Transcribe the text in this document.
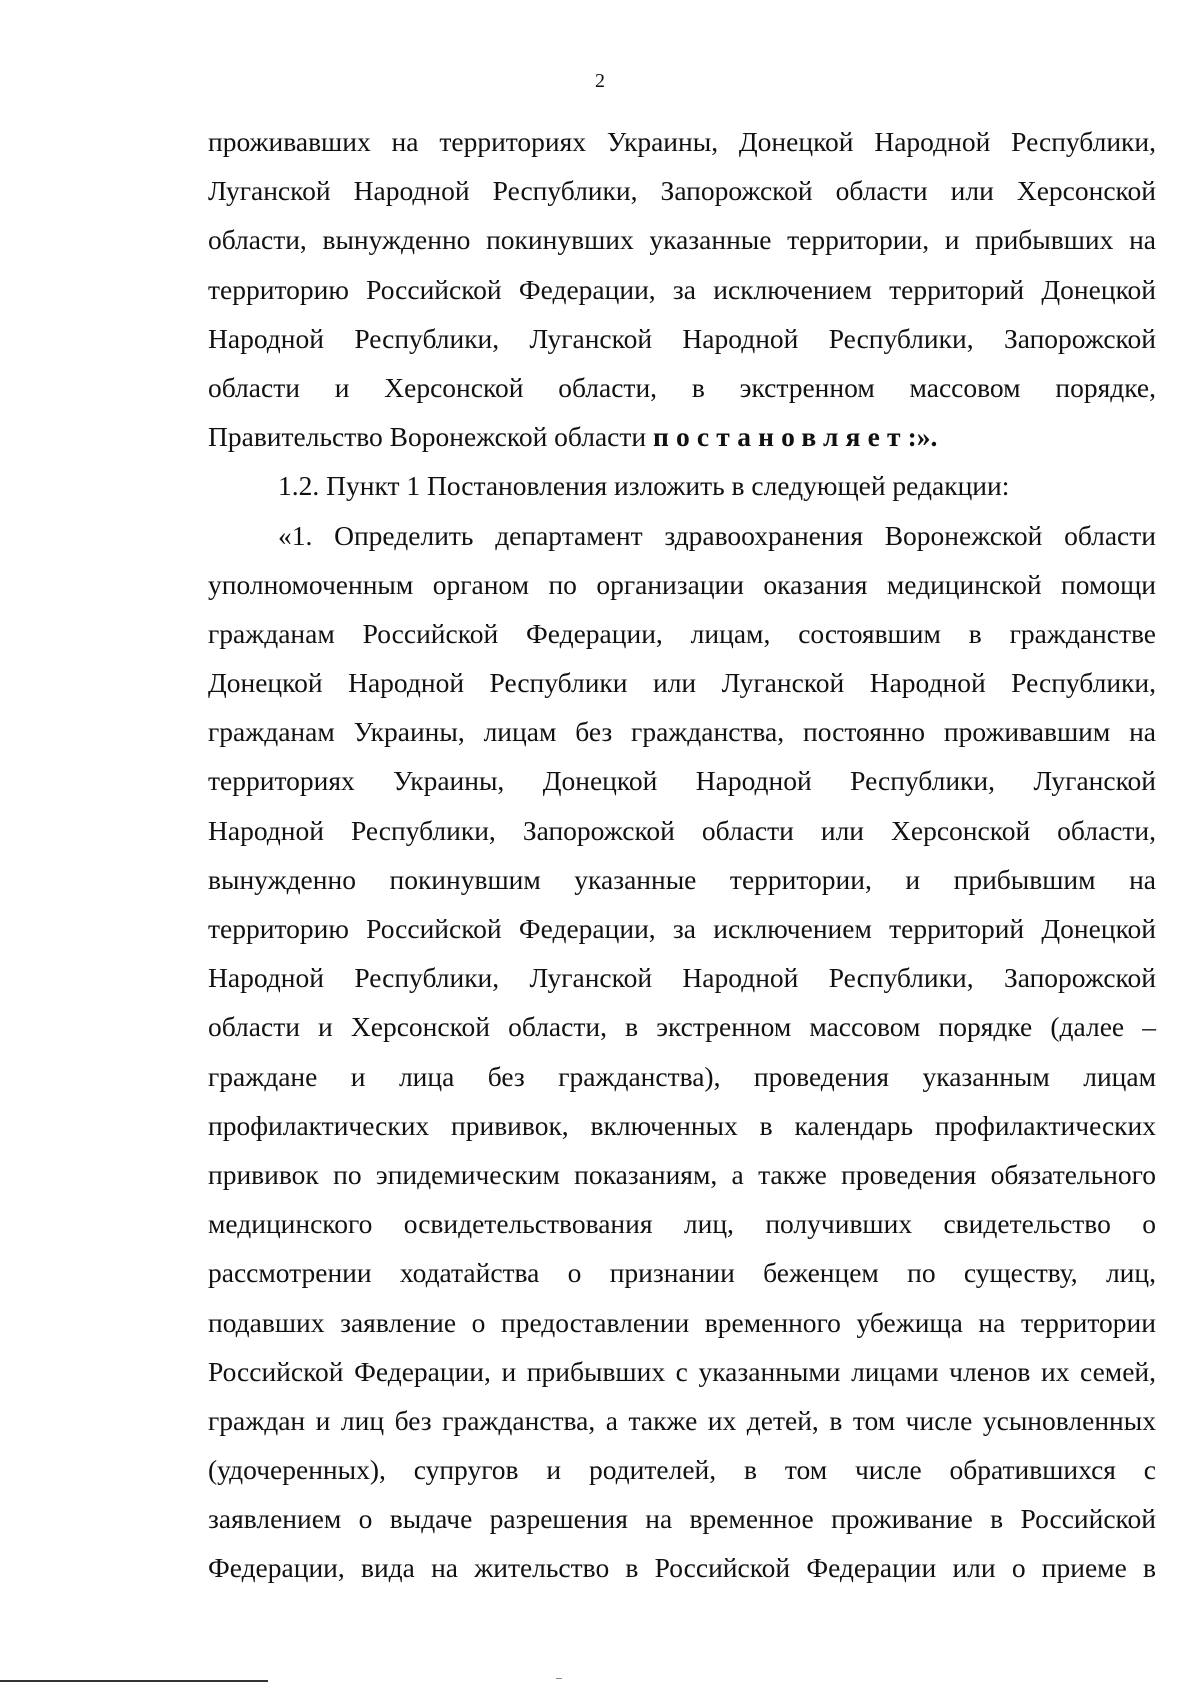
2
проживавших на территориях Украины, Донецкой Народной Республики,
Луганской Народной Республики, Запорожской области или Херсонской
области, вынужденно покинувших указанные территории, и прибывших на
территорию Российской Федерации, за исключением территорий Донецкой
Народной Республики, Луганской Народной Республики, Запорожской
области и Херсонской области, в экстренном массовом порядке,
Правительство Воронежской области постановляет:».
1.2. Пункт 1 Постановления изложить в следующей редакции:
«1. Определить департамент здравоохранения Воронежской области
уполномоченным органом по организации оказания медицинской помощи
гражданам Российской Федерации, лицам, состоявшим в гражданстве
Донецкой Народной Республики или Луганской Народной Республики,
гражданам Украины, лицам без гражданства, постоянно проживавшим на
территориях Украины, Донецкой Народной Республики, Луганской
Народной Республики, Запорожской области или Херсонской области,
вынужденно покинувшим указанные территории, и прибывшим на
территорию Российской Федерации, за исключением территорий Донецкой
Народной Республики, Луганской Народной Республики, Запорожской
области и Херсонской области, в экстренном массовом порядке (далее –
граждане и лица без гражданства), проведения указанным лицам
профилактических прививок, включенных в календарь профилактических
прививок по эпидемическим показаниям, а также проведения обязательного
медицинского освидетельствования лиц, получивших свидетельство о
рассмотрении ходатайства о признании беженцем по существу, лиц,
подавших заявление о предоставлении временного убежища на территории
Российской Федерации, и прибывших с указанными лицами членов их семей,
граждан и лиц без гражданства, а также их детей, в том числе усыновленных
(удочеренных), супругов и родителей, в том числе обратившихся с
заявлением о выдаче разрешения на временное проживание в Российской
Федерации, вида на жительство в Российской Федерации или о приеме в
